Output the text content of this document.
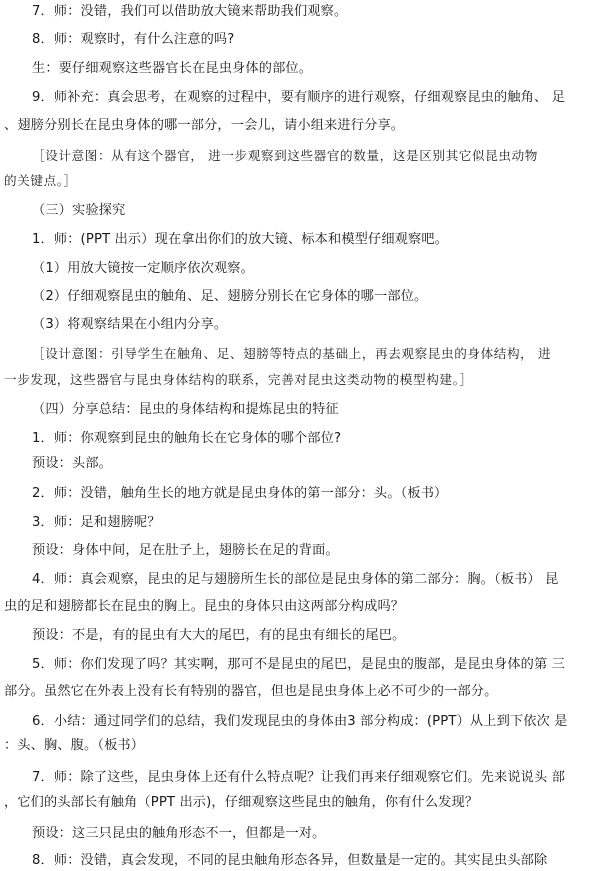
7．师：没错，我们可以借助放大镜来帮助我们观察。
8．师：观察时，有什么注意的吗?
生：要仔细观察这些器官长在昆虫身体的部位。
9．师补充：真会思考，在观察的过程中，要有顺序的进行观察，仔细观察昆虫的触角、 足
、翅膀分别长在昆虫身体的哪一部分，一会儿，请小组来进行分享。
［设计意图：从有这个器官， 进一步观察到这些器官的数量，这是区别其它似昆虫动物
的关键点。］
（三）实验探究
1．师：(PPT 出示）现在拿出你们的放大镜、标本和模型仔细观察吧。
（1）用放大镜按一定顺序依次观察。
（2）仔细观察昆虫的触角、足、翅膀分别长在它身体的哪一部位。
（3）将观察结果在小组内分享。
［设计意图：引导学生在触角、足、翅膀等特点的基础上，再去观察昆虫的身体结构， 进
一步发现，这些器官与昆虫身体结构的联系，完善对昆虫这类动物的模型构建。］
（四）分享总结：昆虫的身体结构和提炼昆虫的特征
1．师：你观察到昆虫的触角长在它身体的哪个部位?
预设：头部。
2．师：没错，触角生长的地方就是昆虫身体的第一部分：头。（板书）
3．师：足和翅膀呢？
预设：身体中间，足在肚子上，翅膀长在足的背面。
4．师：真会观察，昆虫的足与翅膀所生长的部位是昆虫身体的第二部分：胸。（板书） 昆
虫的足和翅膀都长在昆虫的胸上。昆虫的身体只由这两部分构成吗？
预设：不是，有的昆虫有大大的尾巴，有的昆虫有细长的尾巴。
5．师：你们发现了吗？其实啊，那可不是昆虫的尾巴，是昆虫的腹部，是昆虫身体的第 三
部分。虽然它在外表上没有长有特别的器官，但也是昆虫身体上必不可少的一部分。
6．小结：通过同学们的总结，我们发现昆虫的身体由3 部分构成：(PPT）从上到下依次 是
：头、胸、腹。（板书）
7．师：除了这些，昆虫身体上还有什么特点呢？让我们再来仔细观察它们。先来说说头 部
，它们的头部长有触角（PPT 出示)，仔细观察这些昆虫的触角，你有什么发现？
预设：这三只昆虫的触角形态不一，但都是一对。
8．师：没错，真会发现，不同的昆虫触角形态各异，但数量是一定的。其实昆虫头部除
